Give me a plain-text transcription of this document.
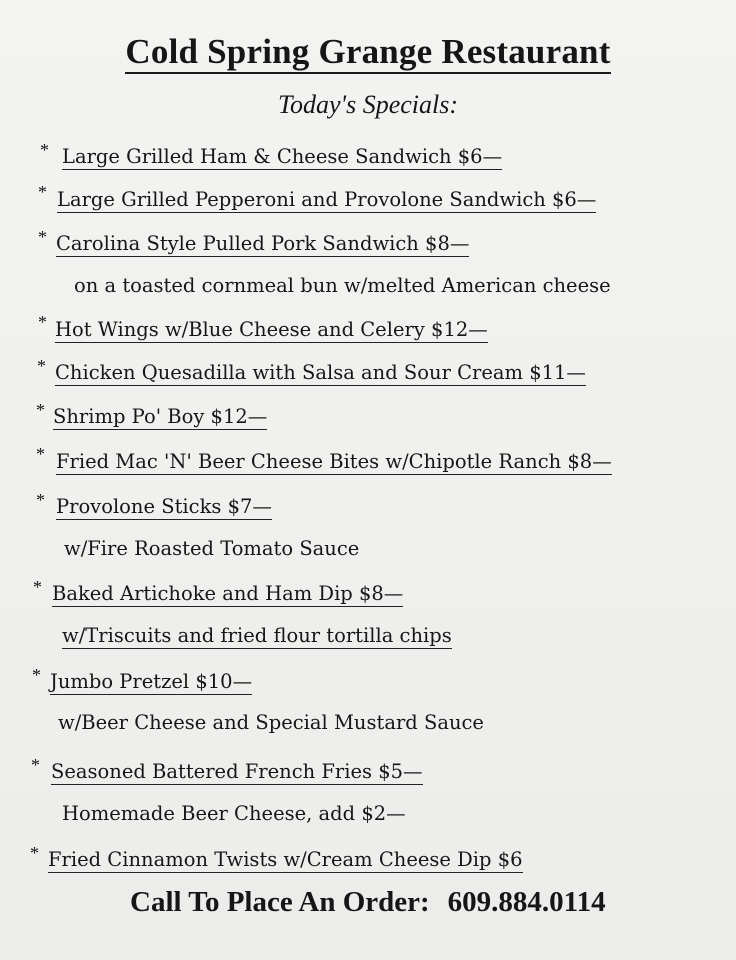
Cold Spring Grange Restaurant
Today's Specials:
* Large Grilled Ham & Cheese Sandwich $6—
* Large Grilled Pepperoni and Provolone Sandwich $6—
* Carolina Style Pulled Pork Sandwich $8—
on a toasted cornmeal bun w/melted American cheese
* Hot Wings w/Blue Cheese and Celery $12—
* Chicken Quesadilla with Salsa and Sour Cream $11—
* Shrimp Po' Boy $12—
* Fried Mac 'N' Beer Cheese Bites w/Chipotle Ranch $8—
* Provolone Sticks $7—
w/Fire Roasted Tomato Sauce
* Baked Artichoke and Ham Dip $8—
w/Triscuits and fried flour tortilla chips
* Jumbo Pretzel $10—
w/Beer Cheese and Special Mustard Sauce
* Seasoned Battered French Fries $5—
Homemade Beer Cheese, add $2—
* Fried Cinnamon Twists w/Cream Cheese Dip $6
Call To Place An Order: 609.884.0114
